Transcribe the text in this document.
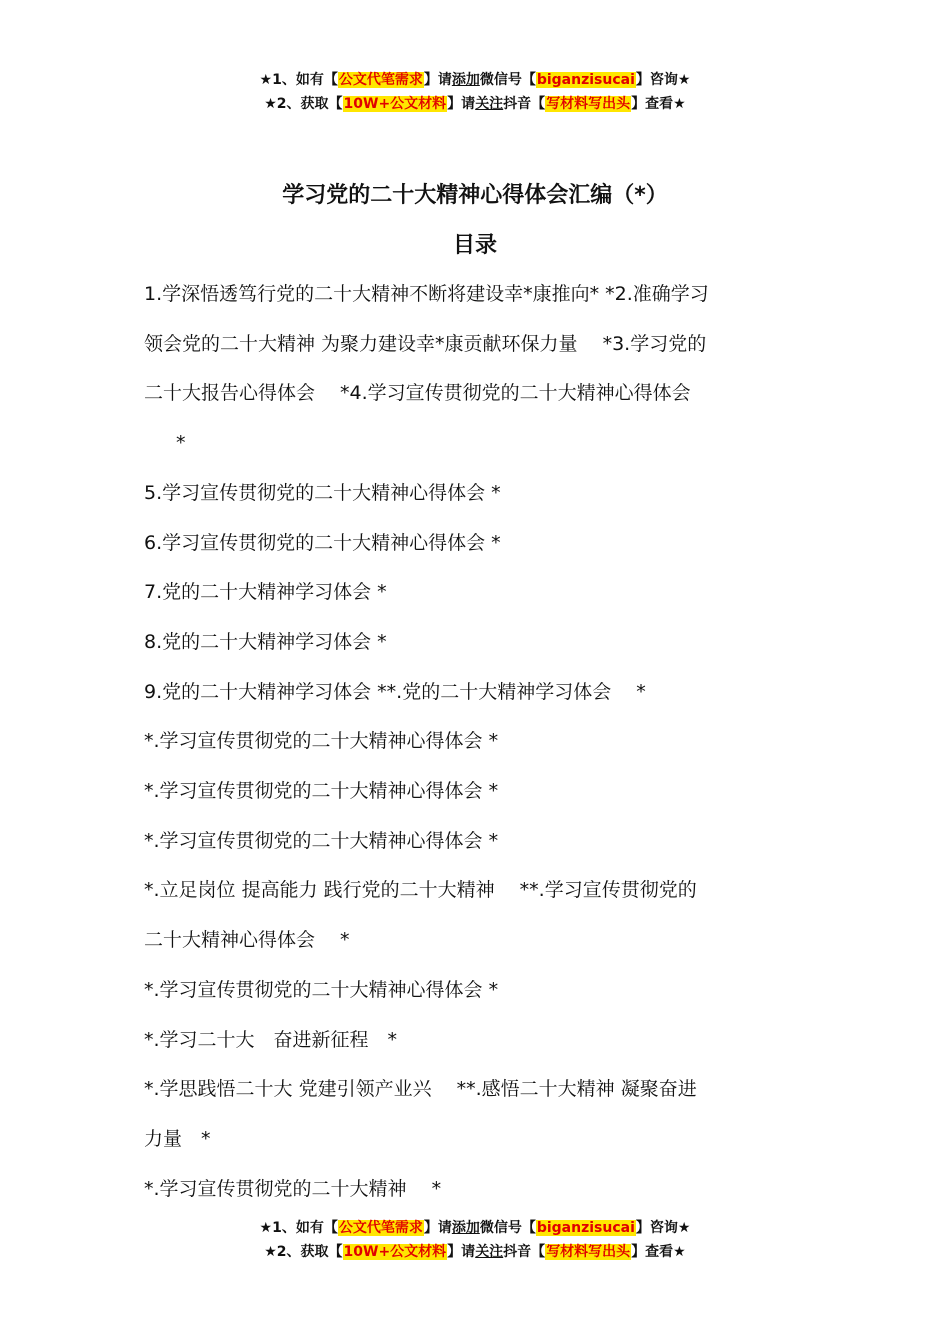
★1、如有【公文代笔需求】请添加微信号【biganzisucai】咨询★
★2、获取【10W+公文材料】请关注抖音【写材料写出头】查看★
学习党的二十大精神心得体会汇编（*）
目录

1.学深悟透笃行党的二十大精神不断将建设幸*康推向* *2.准确学习

领会党的二十大精神 为聚力建设幸*康贡献环保力量　 *3.学习党的

二十大报告心得体会　 *4.学习宣传贯彻党的二十大精神心得体会

*

5.学习宣传贯彻党的二十大精神心得体会 *

6.学习宣传贯彻党的二十大精神心得体会 *

7.党的二十大精神学习体会 *

8.党的二十大精神学习体会 *

9.党的二十大精神学习体会 **.党的二十大精神学习体会　 *

*.学习宣传贯彻党的二十大精神心得体会 *

*.学习宣传贯彻党的二十大精神心得体会 *

*.学习宣传贯彻党的二十大精神心得体会 *

*.立足岗位 提高能力 践行党的二十大精神　 **.学习宣传贯彻党的

二十大精神心得体会　 *

*.学习宣传贯彻党的二十大精神心得体会 *

*.学习二十大　奋进新征程　*

*.学思践悟二十大 党建引领产业兴　 **.感悟二十大精神 凝聚奋进

力量　*

*.学习宣传贯彻党的二十大精神　 *

★1、如有【公文代笔需求】请添加微信号【biganzisucai】咨询★
★2、获取【10W+公文材料】请关注抖音【写材料写出头】查看★
